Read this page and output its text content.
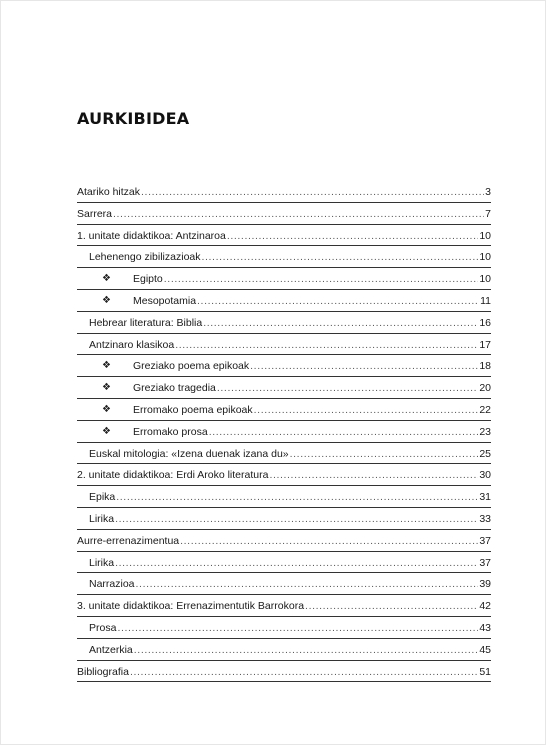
AURKIBIDEA
Atariko hitzak .....	3
Sarrera .....	7
1. unitate didaktikoa: Antzinaroa .....	10
Lehenengo zibilizazioak .....	10
❖ Egipto .....	10
❖ Mesopotamia .....	11
Hebrear literatura: Biblia .....	16
Antzinaro klasikoa .....	17
❖ Greziako poema epikoak .....	18
❖ Greziako tragedia .....	20
❖ Erromako poema epikoak .....	22
❖ Erromako prosa .....	23
Euskal mitologia: «Izena duenak izana du» .....	25
2. unitate didaktikoa: Erdi Aroko literatura .....	30
Epika .....	31
Lirika .....	33
Aurre-errenazimentua .....	37
Lirika .....	37
Narrazioa .....	39
3. unitate didaktikoa: Errenazimentutik Barrokora .....	42
Prosa .....	43
Antzerkia .....	45
Bibliografia .....	51
